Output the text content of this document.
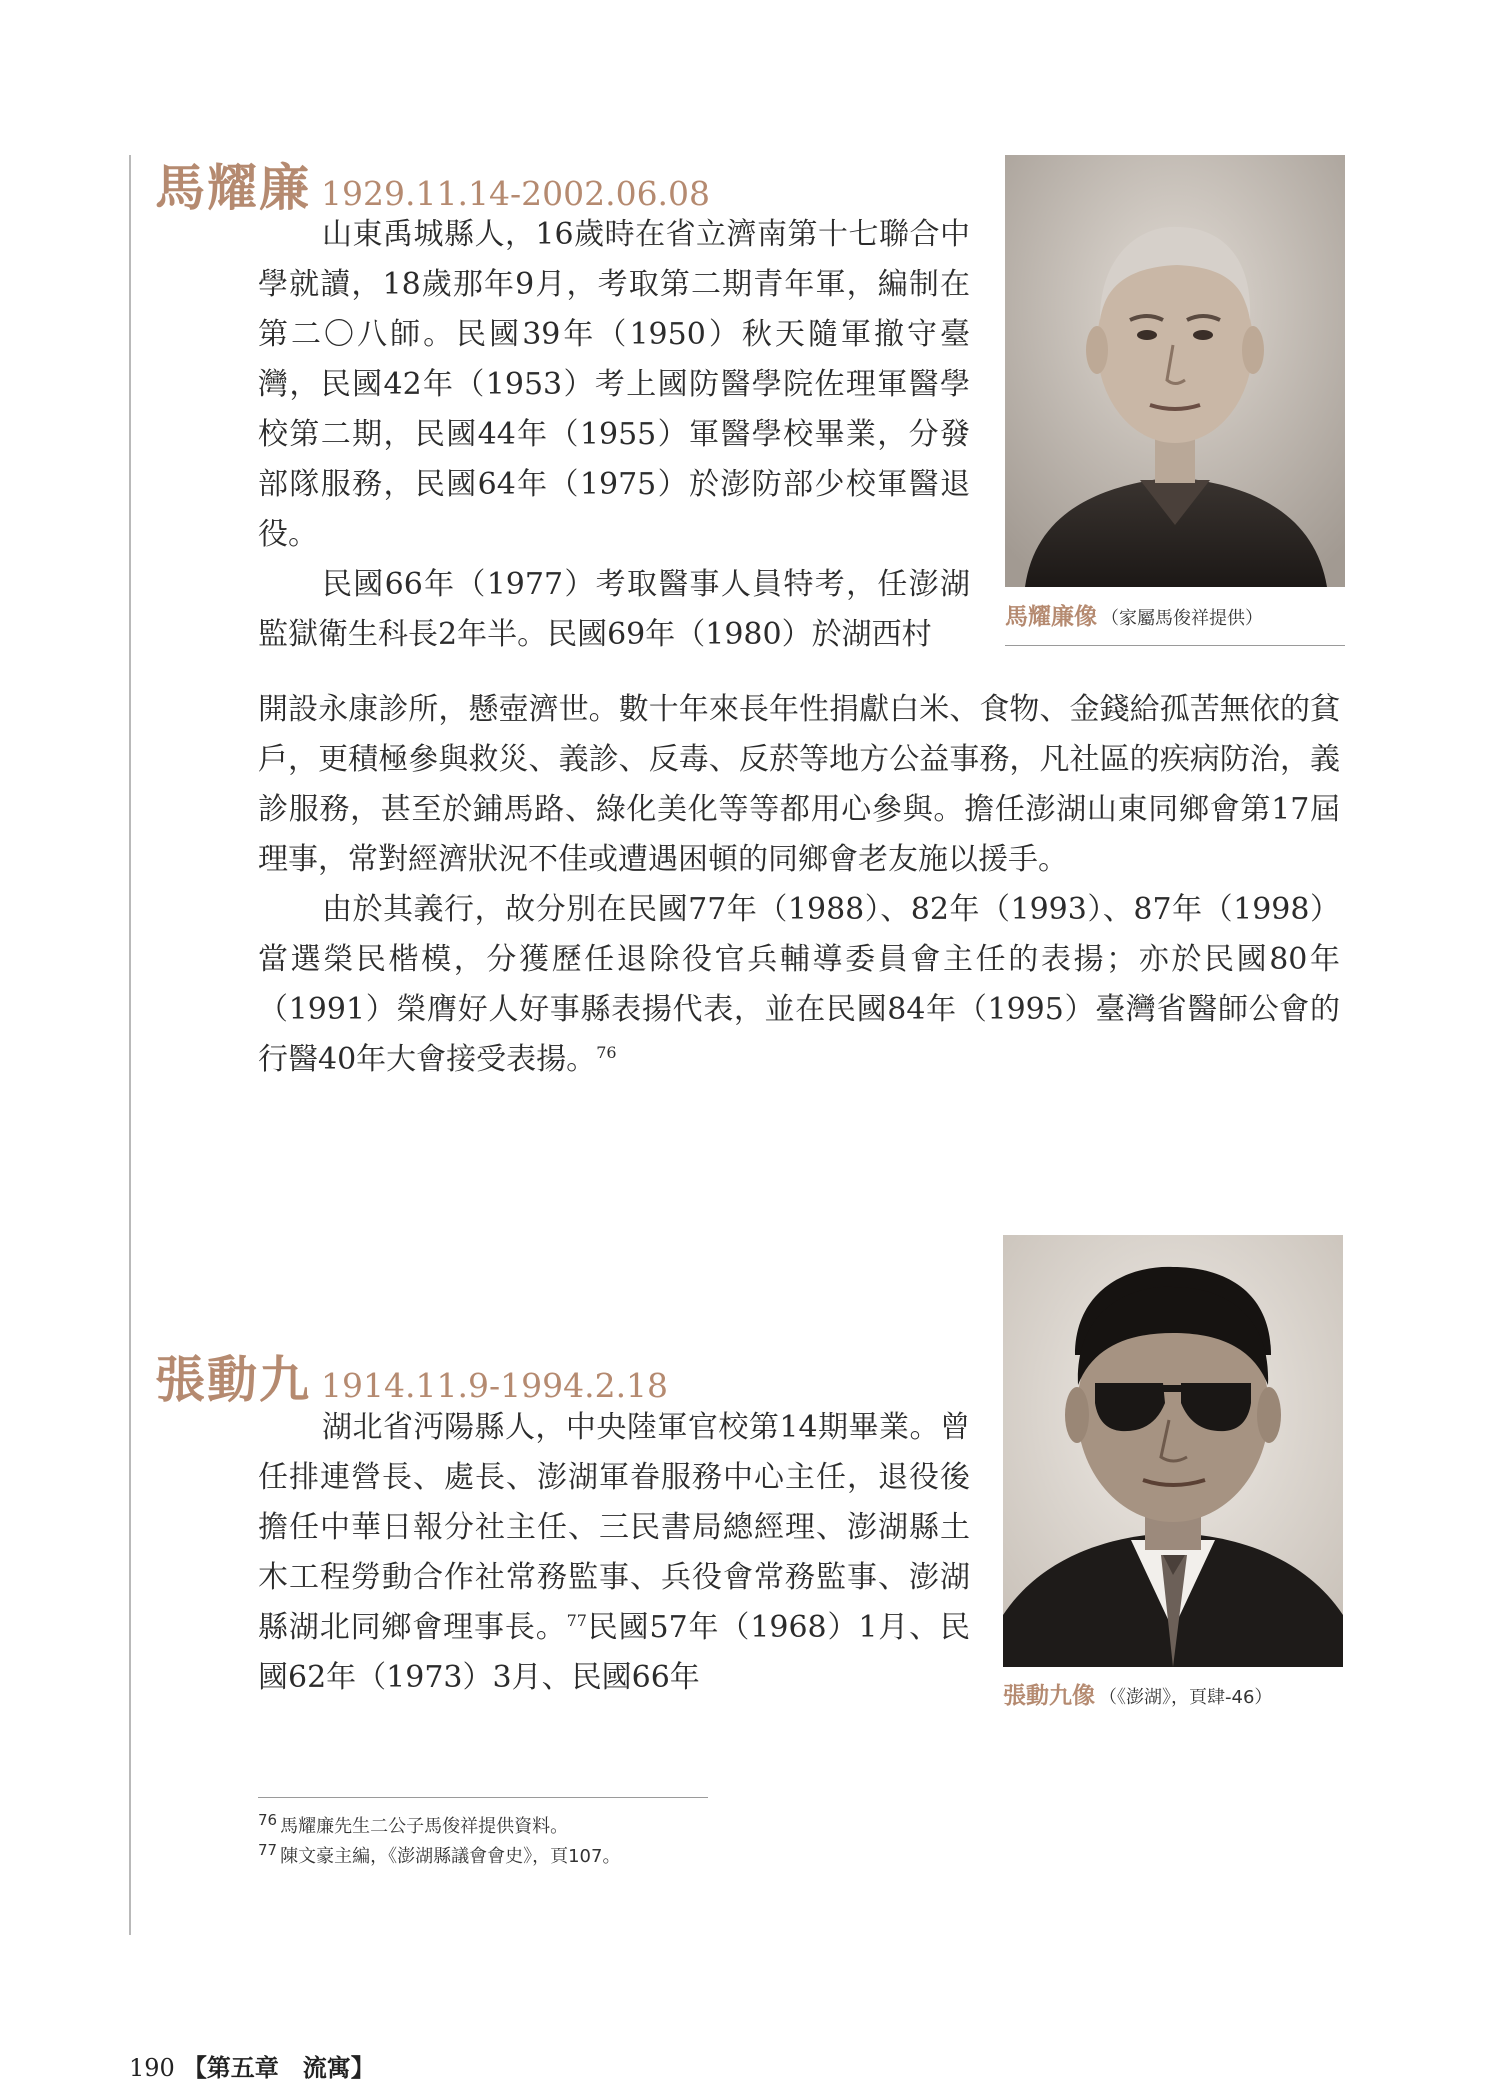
馬耀廉 1929.11.14-2002.06.08

山東禹城縣人，16歲時在省立濟南第十七聯合中學就讀，18歲那年9月，考取第二期青年軍，編制在第二〇八師。民國39年（1950）秋天隨軍撤守臺灣，民國42年（1953）考上國防醫學院佐理軍醫學校第二期，民國44年（1955）軍醫學校畢業，分發部隊服務，民國64年（1975）於澎防部少校軍醫退役。

民國66年（1977）考取醫事人員特考，任澎湖監獄衛生科長2年半。民國69年（1980）於湖西村

開設永康診所，懸壺濟世。數十年來長年性捐獻白米、食物、金錢給孤苦無依的貧戶，更積極參與救災、義診、反毒、反菸等地方公益事務，凡社區的疾病防治，義診服務，甚至於鋪馬路、綠化美化等等都用心參與。擔任澎湖山東同鄉會第17屆理事，常對經濟狀況不佳或遭遇困頓的同鄉會老友施以援手。

由於其義行，故分別在民國77年（1988）、82年（1993）、87年（1998）當選榮民楷模，分獲歷任退除役官兵輔導委員會主任的表揚；亦於民國80年（1991）榮膺好人好事縣表揚代表，並在民國84年（1995）臺灣省醫師公會的行醫40年大會接受表揚。$^{76}$

馬耀廉像 （家屬馬俊祥提供）
張動九 1914.11.9-1994.2.18

湖北省沔陽縣人，中央陸軍官校第14期畢業。曾任排連營長、處長、澎湖軍眷服務中心主任，退役後擔任中華日報分社主任、三民書局總經理、澎湖縣土木工程勞動合作社常務監事、兵役會常務監事、澎湖縣湖北同鄉會理事長。$^{77}$民國57年（1968）1月、民國62年（1973）3月、民國66年

張動九像 （《澎湖》，頁肆-46）
$^{76}$ 馬耀廉先生二公子馬俊祥提供資料。
$^{77}$ 陳文豪主編，《澎湖縣議會會史》，頁107。
190 【第五章　流寓】
